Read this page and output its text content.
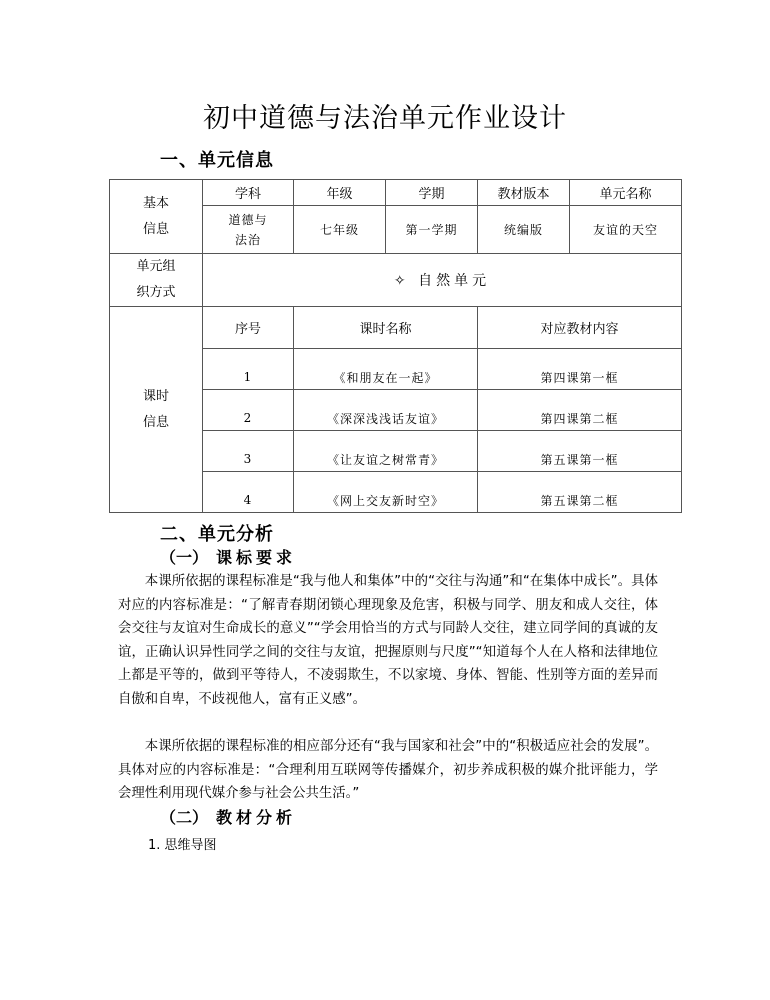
初中道德与法治单元作业设计
一、单元信息
基本
信息	学科	年级	学期	教材版本	单元名称

	道德与
法治	七年级	第一学期	统编版	友谊的天空

单元组
织方式	✧ 自然单元				

课时
信息	序号	课时名称		对应教材内容	
	1	《和朋友在一起》		第四课第一框	
	2	《深深浅浅话友谊》		第四课第二框	
	3	《让友谊之树常青》		第五课第一框	
	4	《网上交友新时空》		第五课第二框	
二、单元分析
（一） 课标要求
本课所依据的课程标准是“我与他人和集体”中的“交往与沟通”和“在集体中成长”。具体对应的内容标准是：“了解青春期闭锁心理现象及危害，积极与同学、朋友和成人交往，体会交往与友谊对生命成长的意义”“学会用恰当的方式与同龄人交往，建立同学间的真诚的友谊，正确认识异性同学之间的交往与友谊，把握原则与尺度”“知道每个人在人格和法律地位上都是平等的，做到平等待人，不凌弱欺生，不以家境、身体、智能、性别等方面的差异而自傲和自卑，不歧视他人，富有正义感”。
本课所依据的课程标准的相应部分还有“我与国家和社会”中的“积极适应社会的发展”。具体对应的内容标准是：“合理利用互联网等传播媒介，初步养成积极的媒介批评能力，学会理性利用现代媒介参与社会公共生活。”
（二） 教材分析
1. 思维导图
